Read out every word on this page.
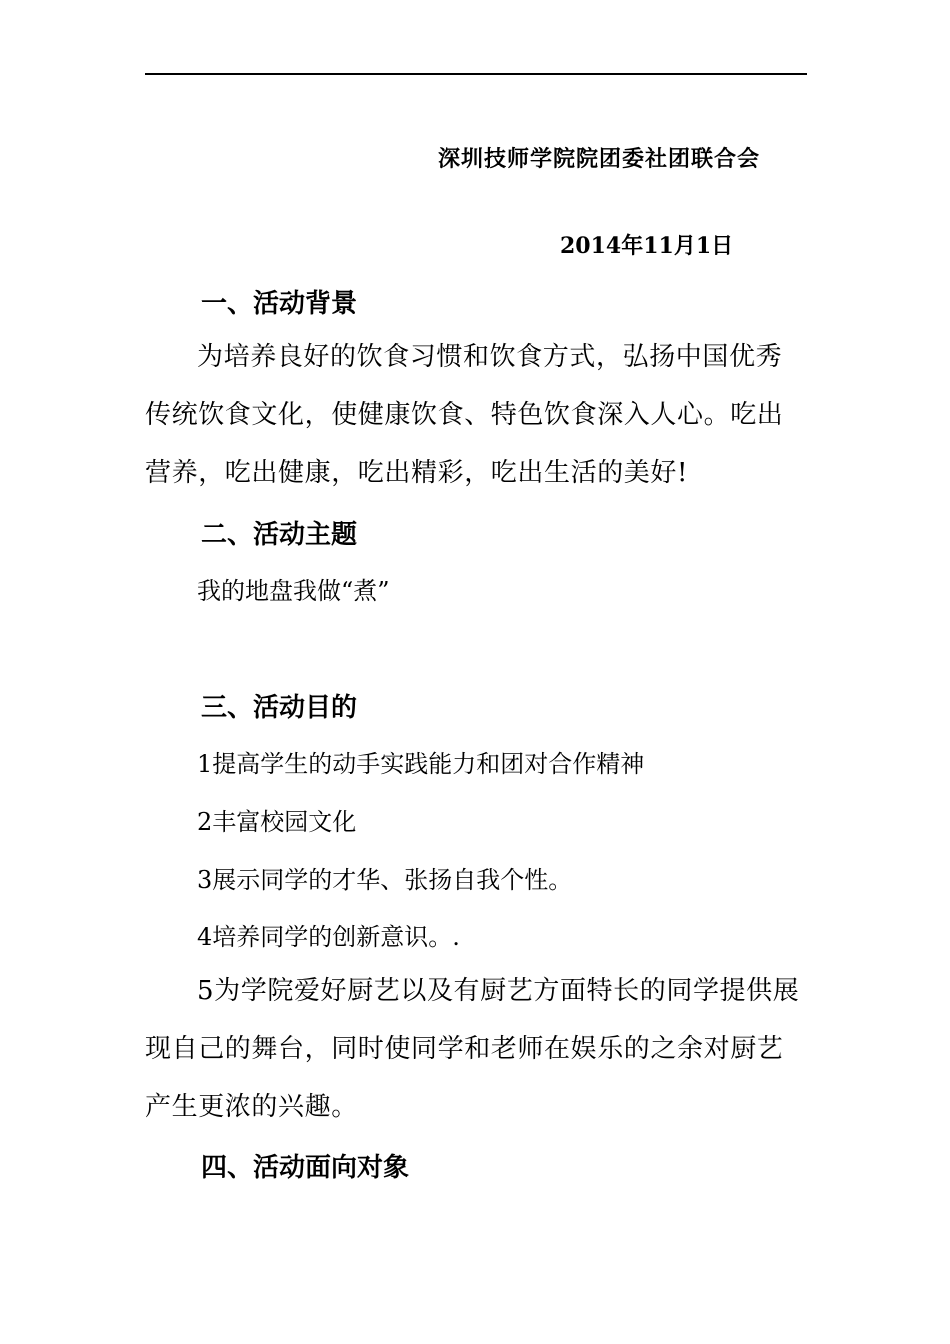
深圳技师学院院团委社团联合会
2014年11月1日
一、活动背景

为培养良好的饮食习惯和饮食方式，弘扬中国优秀传统饮食文化，使健康饮食、特色饮食深入人心。吃出营养，吃出健康，吃出精彩，吃出生活的美好!

二、活动主题
我的地盘我做“煮”
三、活动目的
1提高学生的动手实践能力和团对合作精神
2丰富校园文化
3展示同学的才华、张扬自我个性。
4培养同学的创新意识。.

5为学院爱好厨艺以及有厨艺方面特长的同学提供展现自己的舞台，同时使同学和老师在娱乐的之余对厨艺产生更浓的兴趣。

四、活动面向对象
